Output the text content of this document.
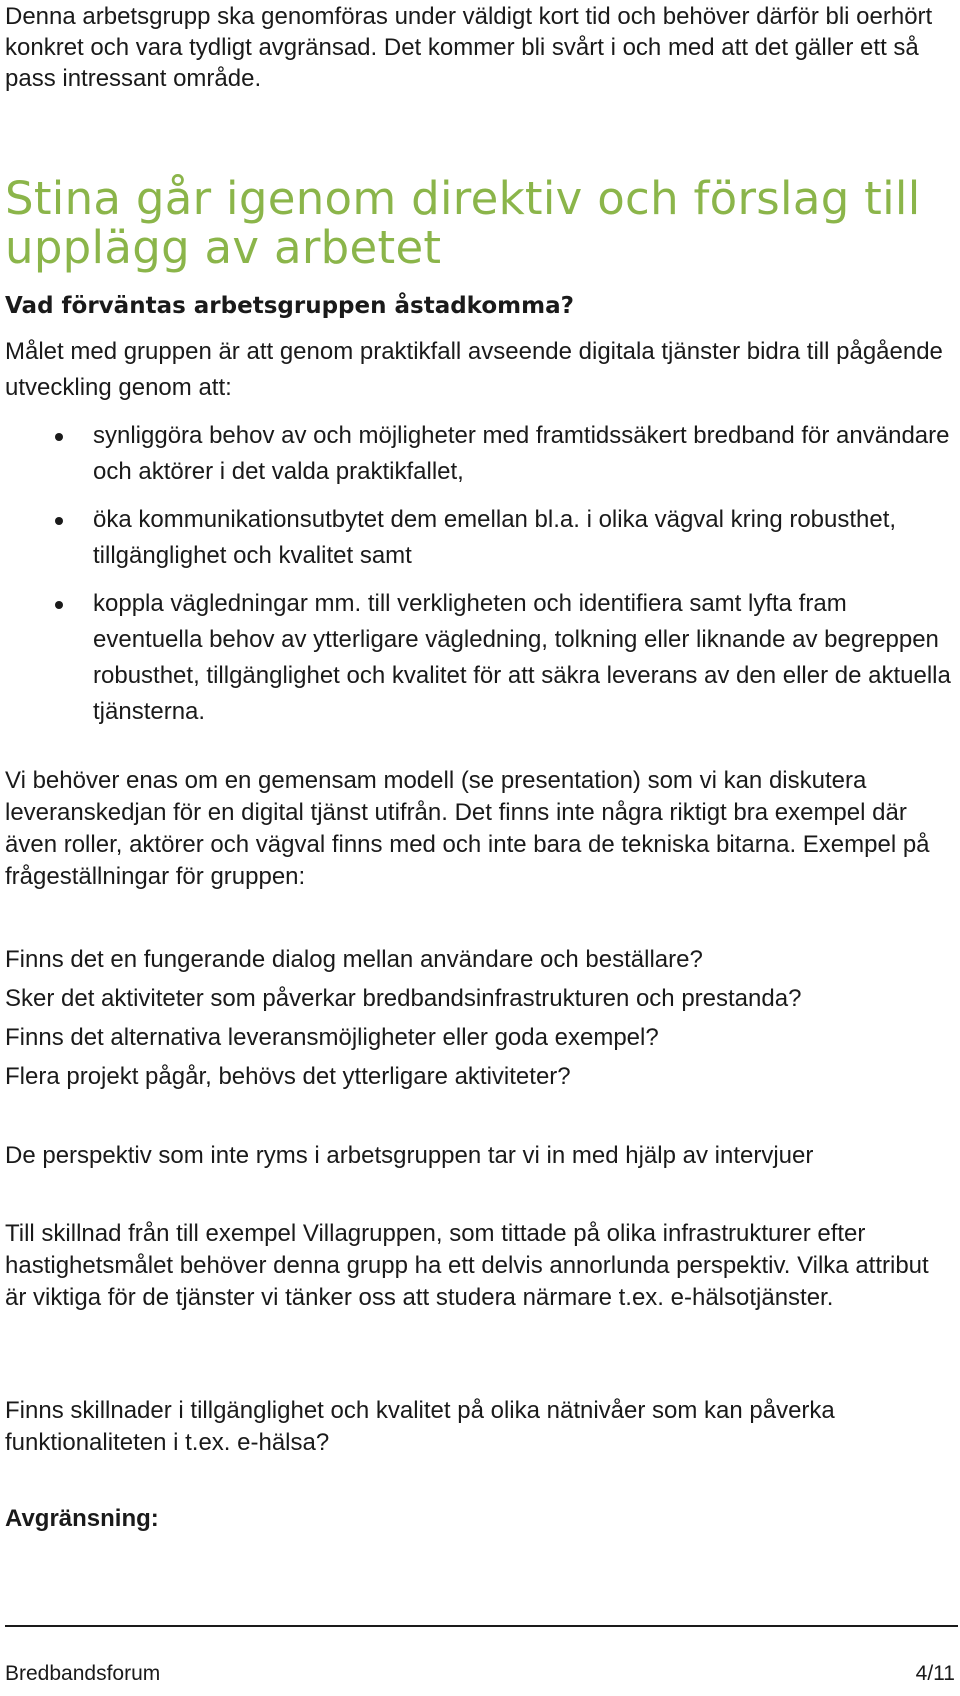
Denna arbetsgrupp ska genomföras under väldigt kort tid och behöver därför bli oerhört konkret och vara tydligt avgränsad. Det kommer bli svårt i och med att det gäller ett så pass intressant område.

Stina går igenom direktiv och förslag till upplägg av arbetet
Vad förväntas arbetsgruppen åstadkomma?

Målet med gruppen är att genom praktikfall avseende digitala tjänster bidra till pågående utveckling genom att:

synliggöra behov av och möjligheter med framtidssäkert bredband för användare och aktörer i det valda praktikfallet,
öka kommunikationsutbytet dem emellan bl.a. i olika vägval kring robusthet, tillgänglighet och kvalitet samt
koppla vägledningar mm. till verkligheten och identifiera samt lyfta fram eventuella behov av ytterligare vägledning, tolkning eller liknande av begreppen robusthet, tillgänglighet och kvalitet för att säkra leverans av den eller de aktuella tjänsterna.

Vi behöver enas om en gemensam modell (se presentation) som vi kan diskutera leveranskedjan för en digital tjänst utifrån. Det finns inte några riktigt bra exempel där även roller, aktörer och vägval finns med och inte bara de tekniska bitarna. Exempel på frågeställningar för gruppen:

Finns det en fungerande dialog mellan användare och beställare?

Sker det aktiviteter som påverkar bredbandsinfrastrukturen och prestanda?

Finns det alternativa leveransmöjligheter eller goda exempel?

Flera projekt pågår, behövs det ytterligare aktiviteter?

De perspektiv som inte ryms i arbetsgruppen tar vi in med hjälp av intervjuer

Till skillnad från till exempel Villagruppen, som tittade på olika infrastrukturer efter hastighetsmålet behöver denna grupp ha ett delvis annorlunda perspektiv. Vilka attribut är viktiga för de tjänster vi tänker oss att studera närmare t.ex. e-hälsotjänster.

Finns skillnader i tillgänglighet och kvalitet på olika nätnivåer som kan påverka funktionaliteten i t.ex. e-hälsa?

Avgränsning:

Bredbandsforum	4/11
